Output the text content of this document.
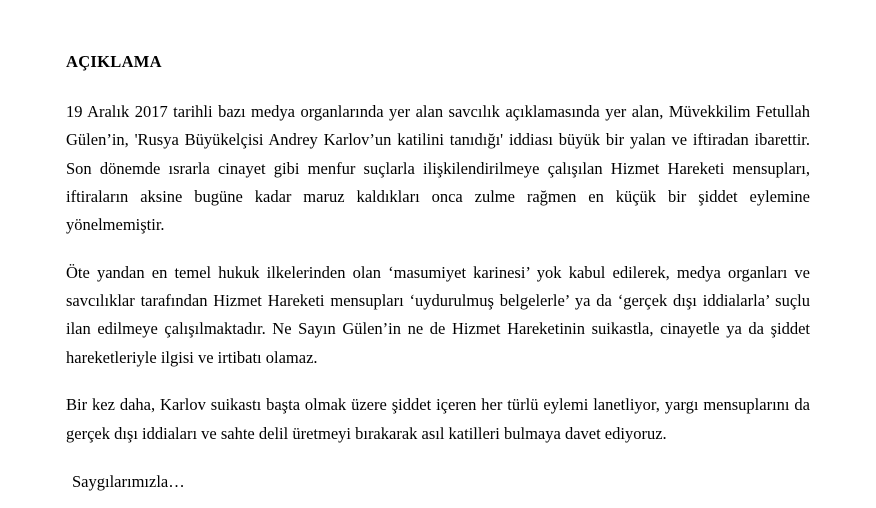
AÇIKLAMA

19 Aralık 2017 tarihli bazı medya organlarında yer alan savcılık açıklamasında yer alan, Müvekkilim Fetullah Gülen’in, 'Rusya Büyükelçisi Andrey Karlov’un katilini tanıdığı' iddiası büyük bir yalan ve iftiradan ibarettir. Son dönemde ısrarla cinayet gibi menfur suçlarla ilişkilendirilmeye çalışılan Hizmet Hareketi mensupları, iftiraların aksine bugüne kadar maruz kaldıkları onca zulme rağmen en küçük bir şiddet eylemine yönelmemiştir.

Öte yandan en temel hukuk ilkelerinden olan ‘masumiyet karinesi’ yok kabul edilerek, medya organları ve savcılıklar tarafından Hizmet Hareketi mensupları ‘uydurulmuş belgelerle’ ya da ‘gerçek dışı iddialarla’ suçlu ilan edilmeye çalışılmaktadır. Ne Sayın Gülen’in ne de Hizmet Hareketinin suikastla, cinayetle ya da şiddet hareketleriyle ilgisi ve irtibatı olamaz.

Bir kez daha, Karlov suikastı başta olmak üzere şiddet içeren her türlü eylemi lanetliyor, yargı mensuplarını da gerçek dışı iddiaları ve sahte delil üretmeyi bırakarak asıl katilleri bulmaya davet ediyoruz.

Saygılarımızla…
